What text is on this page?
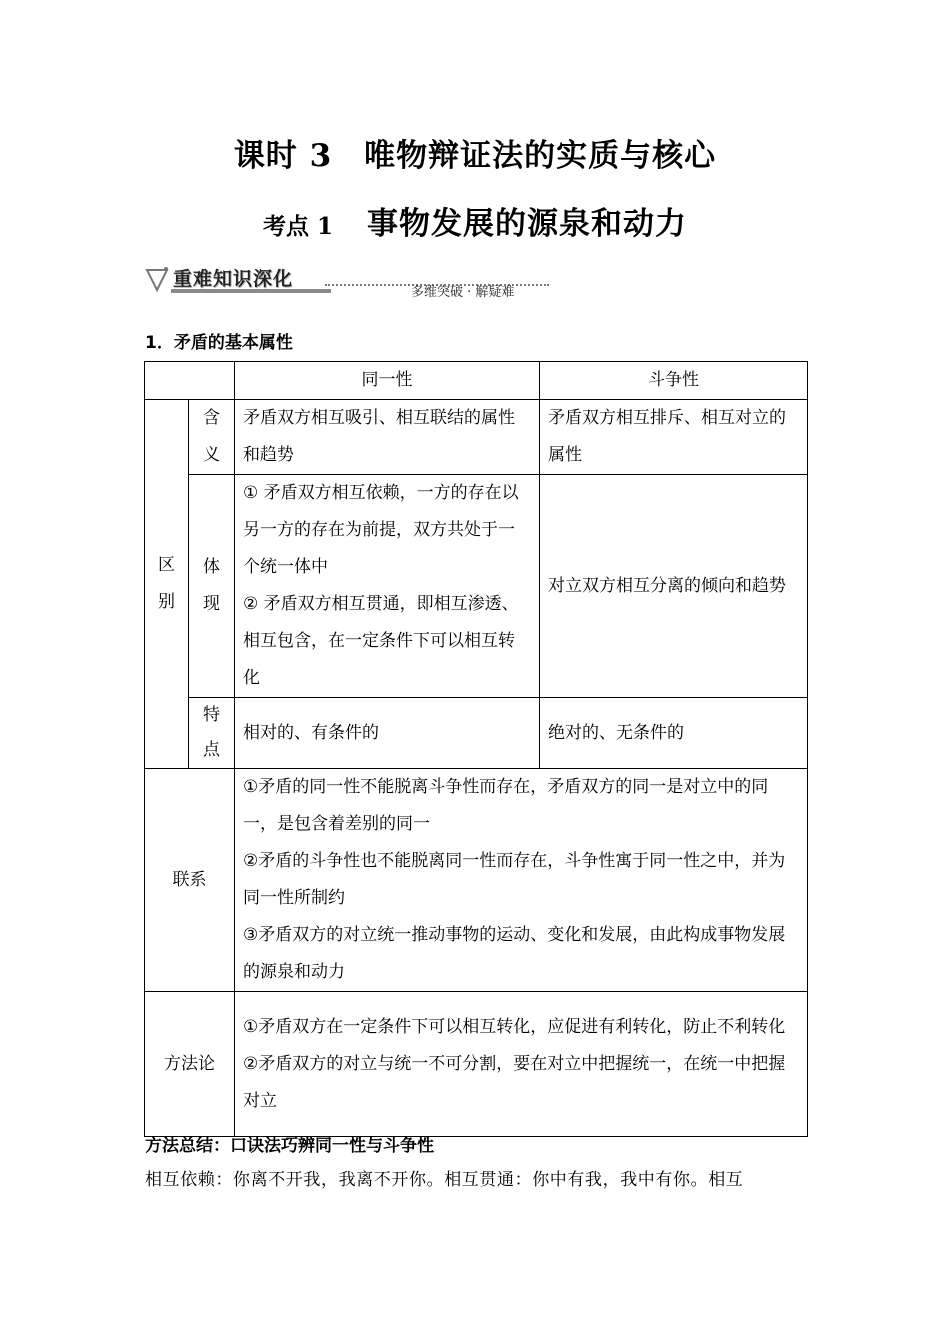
课时 3　唯物辩证法的实质与核心
考点 1 事物发展的源泉和动力
重难知识深化
多维突破 · 解疑难
1．矛盾的基本属性
		同一性	斗争性

区别	含义	矛盾双方相互吸引、相互联结的属性和趋势	矛盾双方相互排斥、相互对立的属性

	体现	① 矛盾双方相互依赖，一方的存在以另一方的存在为前提，双方共处于一个统一体中
② 矛盾双方相互贯通，即相互渗透、相互包含，在一定条件下可以相互转化	对立双方相互分离的倾向和趋势

	特点	相对的、有条件的	绝对的、无条件的
联系		①矛盾的同一性不能脱离斗争性而存在，矛盾双方的同一是对立中的同一，是包含着差别的同一
②矛盾的斗争性也不能脱离同一性而存在，斗争性寓于同一性之中，并为同一性所制约
③矛盾双方的对立统一推动事物的运动、变化和发展，由此构成事物发展的源泉和动力	

方法论		①矛盾双方在一定条件下可以相互转化，应促进有利转化，防止不利转化
②矛盾双方的对立与统一不可分割，要在对立中把握统一，在统一中把握对立	
方法总结：口诀法巧辨同一性与斗争性
相互依赖：你离不开我，我离不开你。相互贯通：你中有我，我中有你。相互
